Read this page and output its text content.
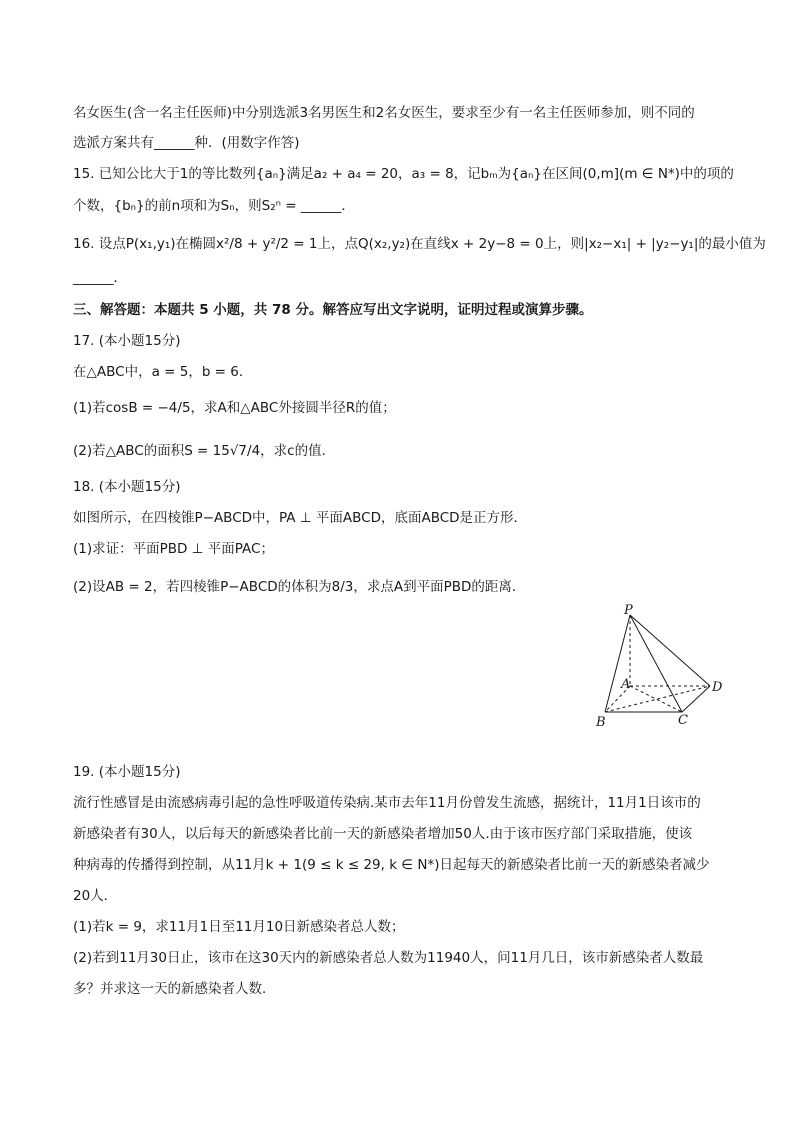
名女医生(含一名主任医师)中分别选派3名男医生和2名女医生，要求至少有一名主任医师参加，则不同的
选派方案共有______种．(用数字作答)
15. 已知公比大于1的等比数列{aₙ}满足a₂ + a₄ = 20，a₃ = 8，记bₘ为{aₙ}在区间(0,m](m ∈ N*)中的项的
个数，{bₙ}的前n项和为Sₙ，则S₂ⁿ = ______．
16. 设点P(x₁,y₁)在椭圆x²/8 + y²/2 = 1上，点Q(x₂,y₂)在直线x + 2y−8 = 0上，则|x₂−x₁| + |y₂−y₁|的最小值为
______．
三、解答题：本题共 5 小题，共 78 分。解答应写出文字说明，证明过程或演算步骤。
17. (本小题15分)
在△ABC中，a = 5，b = 6．
(1)若cosB = −4/5，求A和△ABC外接圆半径R的值；
(2)若△ABC的面积S = 15√7/4，求c的值．
18. (本小题15分)
如图所示，在四棱锥P−ABCD中，PA ⊥ 平面ABCD，底面ABCD是正方形．
(1)求证：平面PBD ⊥ 平面PAC；
(2)设AB = 2，若四棱锥P−ABCD的体积为8/3，求点A到平面PBD的距离．
P
A
B	C
D
19. (本小题15分)
流行性感冒是由流感病毒引起的急性呼吸道传染病.某市去年11月份曾发生流感，据统计，11月1日该市的
新感染者有30人，以后每天的新感染者比前一天的新感染者增加50人.由于该市医疗部门采取措施，使该
种病毒的传播得到控制，从11月k + 1(9 ≤ k ≤ 29, k ∈ N*)日起每天的新感染者比前一天的新感染者减少
20人．
(1)若k = 9，求11月1日至11月10日新感染者总人数；
(2)若到11月30日止，该市在这30天内的新感染者总人数为11940人，问11月几日，该市新感染者人数最
多？并求这一天的新感染者人数．
